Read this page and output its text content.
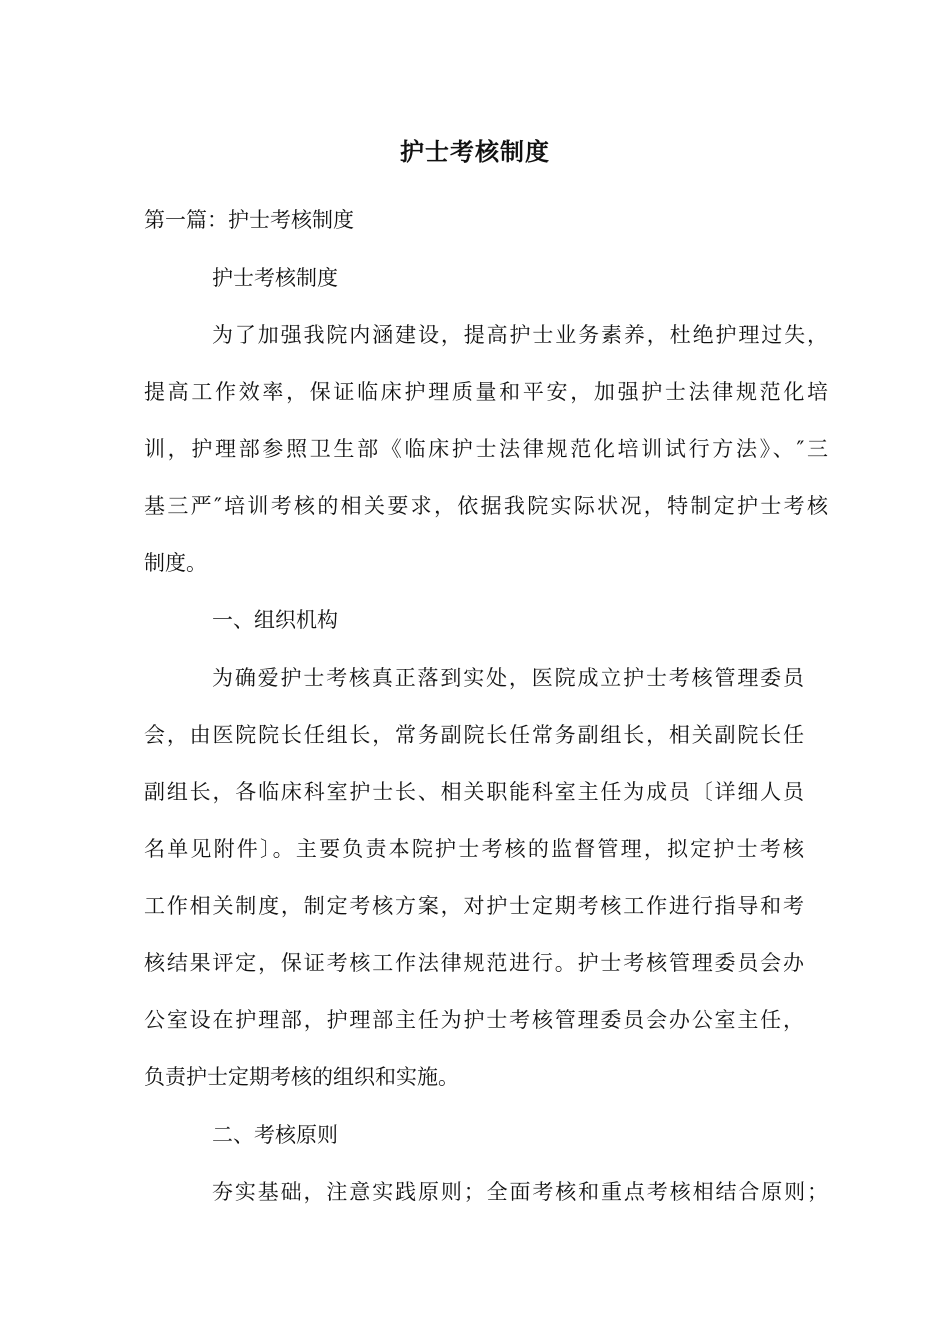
护士考核制度
第一篇：护士考核制度
护士考核制度
为了加强我院内涵建设，提高护士业务素养，杜绝护理过失，
提高工作效率，保证临床护理质量和平安，加强护士法律规范化培
训，护理部参照卫生部《临床护士法律规范化培训试行方法》、″三
基三严″培训考核的相关要求，依据我院实际状况，特制定护士考核
制度。
一、组织机构
为确爱护士考核真正落到实处，医院成立护士考核管理委员
会，由医院院长任组长，常务副院长任常务副组长，相关副院长任
副组长，各临床科室护士长、相关职能科室主任为成员〔详细人员
名单见附件〕。主要负责本院护士考核的监督管理，拟定护士考核
工作相关制度，制定考核方案，对护士定期考核工作进行指导和考
核结果评定，保证考核工作法律规范进行。护士考核管理委员会办
公室设在护理部，护理部主任为护士考核管理委员会办公室主任，
负责护士定期考核的组织和实施。
二、考核原则
夯实基础，注意实践原则；全面考核和重点考核相结合原则；
